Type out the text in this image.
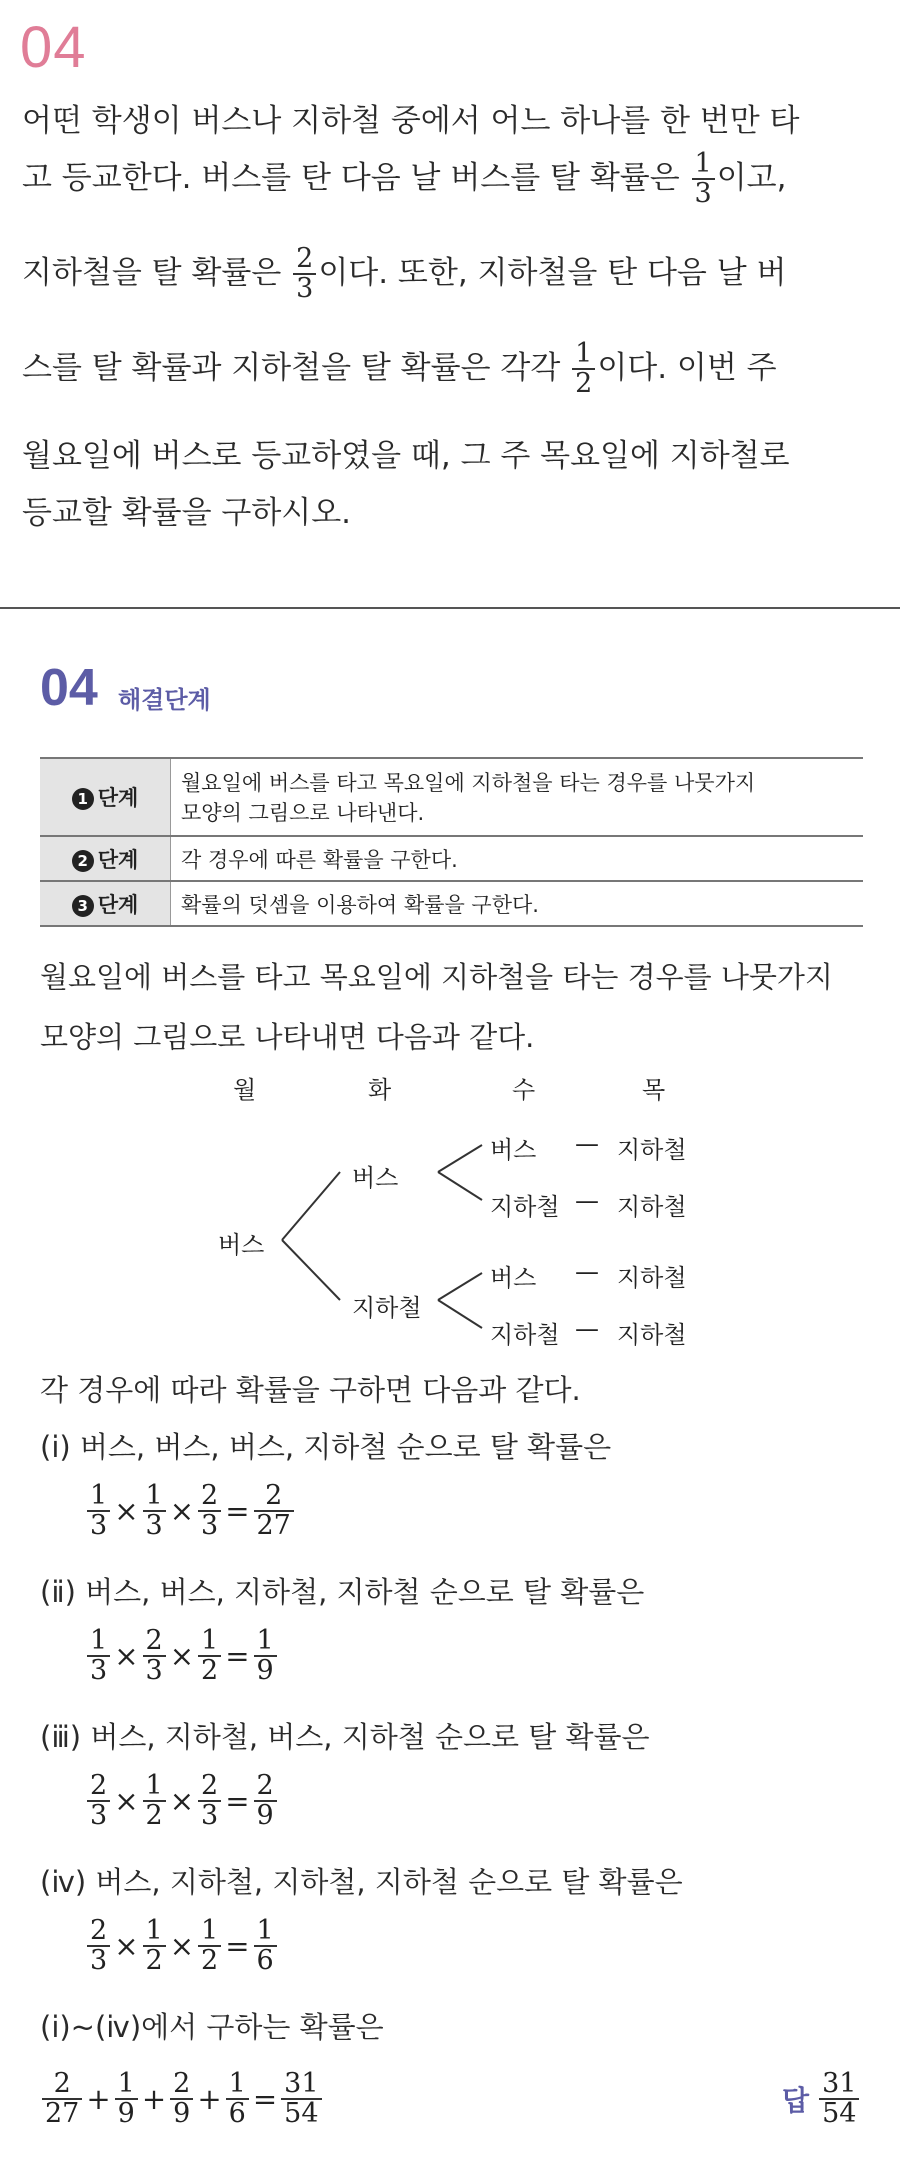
04
어떤 학생이 버스나 지하철 중에서 어느 하나를 한 번만 타
고 등교한다. 버스를 탄 다음 날 버스를 탈 확률은 $\frac{1}{3}$ 이고,
지하철을 탈 확률은 $\frac{2}{3}$ 이다. 또한, 지하철을 탄 다음 날 버
스를 탈 확률과 지하철을 탈 확률은 각각 $\frac{1}{2}$ 이다. 이번 주
월요일에 버스로 등교하였을 때, 그 주 목요일에 지하철로
등교할 확률을 구하시오.
04 해결단계
1 단계	월요일에 버스를 타고 목요일에 지하철을 타는 경우를 나뭇가지
모양의 그림으로 나타낸다.

2 단계	각 경우에 따른 확률을 구한다.
3 단계	확률의 덧셈을 이용하여 확률을 구한다.
월요일에 버스를 타고 목요일에 지하철을 타는 경우를 나뭇가지
모양의 그림으로 나타내면 다음과 같다.
월	화	수	목
버스
버스
지하철
버스
지하철
버스
지하철
—
—
—
—
지하철
지하철
지하철
지하철
각 경우에 따라 확률을 구하면 다음과 같다.
(ⅰ) 버스, 버스, 버스, 지하철 순으로 탈 확률은
$\frac{1}{3} \times \frac{1}{3} \times \frac{2}{3} = \frac{2}{27}$
(ⅱ) 버스, 버스, 지하철, 지하철 순으로 탈 확률은
$\frac{1}{3} \times \frac{2}{3} \times \frac{1}{2} = \frac{1}{9}$
(ⅲ) 버스, 지하철, 버스, 지하철 순으로 탈 확률은
$\frac{2}{3} \times \frac{1}{2} \times \frac{2}{3} = \frac{2}{9}$
(ⅳ) 버스, 지하철, 지하철, 지하철 순으로 탈 확률은
$\frac{2}{3} \times \frac{1}{2} \times \frac{1}{2} = \frac{1}{6}$
(ⅰ)~(ⅳ)에서 구하는 확률은
$\frac{2}{27} + \frac{1}{9} + \frac{2}{9} + \frac{1}{6} = \frac{31}{54}$	답 $\frac{31}{54}$
